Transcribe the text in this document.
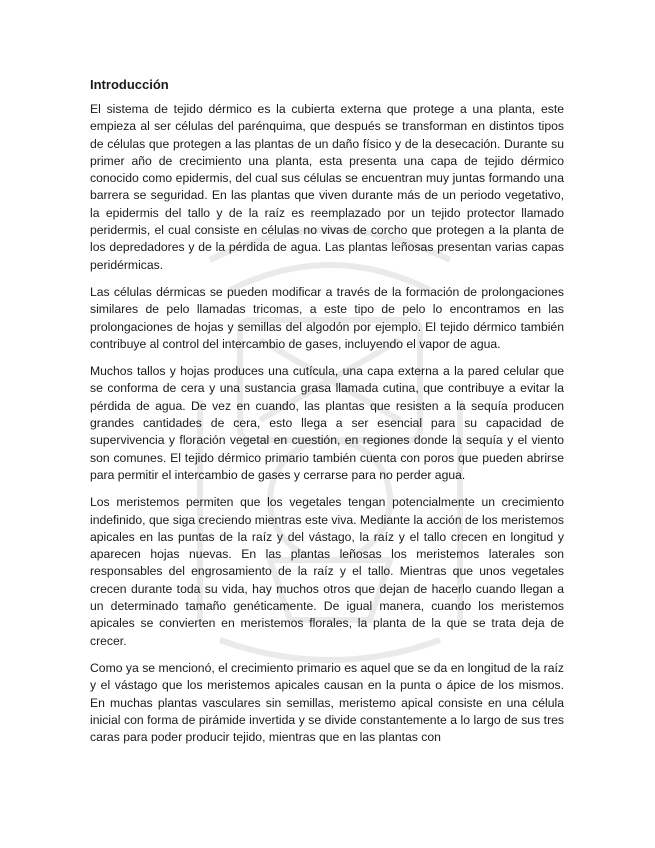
Introducción

El sistema de tejido dérmico es la cubierta externa que protege a una planta, este empieza al ser células del parénquima, que después se transforman en distintos tipos de células que protegen a las plantas de un daño físico y de la desecación. Durante su primer año de crecimiento una planta, esta presenta una capa de tejido dérmico conocido como epidermis, del cual sus células se encuentran muy juntas formando una barrera se seguridad. En las plantas que viven durante más de un periodo vegetativo, la epidermis del tallo y de la raíz es reemplazado por un tejido protector llamado peridermis, el cual consiste en células no vivas de corcho que protegen a la planta de los depredadores y de la pérdida de agua. Las plantas leñosas presentan varias capas peridérmicas.

Las células dérmicas se pueden modificar a través de la formación de prolongaciones similares de pelo llamadas tricomas, a este tipo de pelo lo encontramos en las prolongaciones de hojas y semillas del algodón por ejemplo. El tejido dérmico también contribuye al control del intercambio de gases, incluyendo el vapor de agua.

Muchos tallos y hojas produces una cutícula, una capa externa a la pared celular que se conforma de cera y una sustancia grasa llamada cutina, que contribuye a evitar la pérdida de agua. De vez en cuando, las plantas que resisten a la sequía producen grandes cantidades de cera, esto llega a ser esencial para su capacidad de supervivencia y floración vegetal en cuestión, en regiones donde la sequía y el viento son comunes. El tejido dérmico primario también cuenta con poros que pueden abrirse para permitir el intercambio de gases y cerrarse para no perder agua.

Los meristemos permiten que los vegetales tengan potencialmente un crecimiento indefinido, que siga creciendo mientras este viva. Mediante la acción de los meristemos apicales en las puntas de la raíz y del vástago, la raíz y el tallo crecen en longitud y aparecen hojas nuevas. En las plantas leñosas los meristemos laterales son responsables del engrosamiento de la raíz y el tallo. Mientras que unos vegetales crecen durante toda su vida, hay muchos otros que dejan de hacerlo cuando llegan a un determinado tamaño genéticamente. De igual manera, cuando los meristemos apicales se convierten en meristemos florales, la planta de la que se trata deja de crecer.

Como ya se mencionó, el crecimiento primario es aquel que se da en longitud de la raíz y el vástago que los meristemos apicales causan en la punta o ápice de los mismos. En muchas plantas vasculares sin semillas, meristemo apical consiste en una célula inicial con forma de pirámide invertida y se divide constantemente a lo largo de sus tres caras para poder producir tejido, mientras que en las plantas con
